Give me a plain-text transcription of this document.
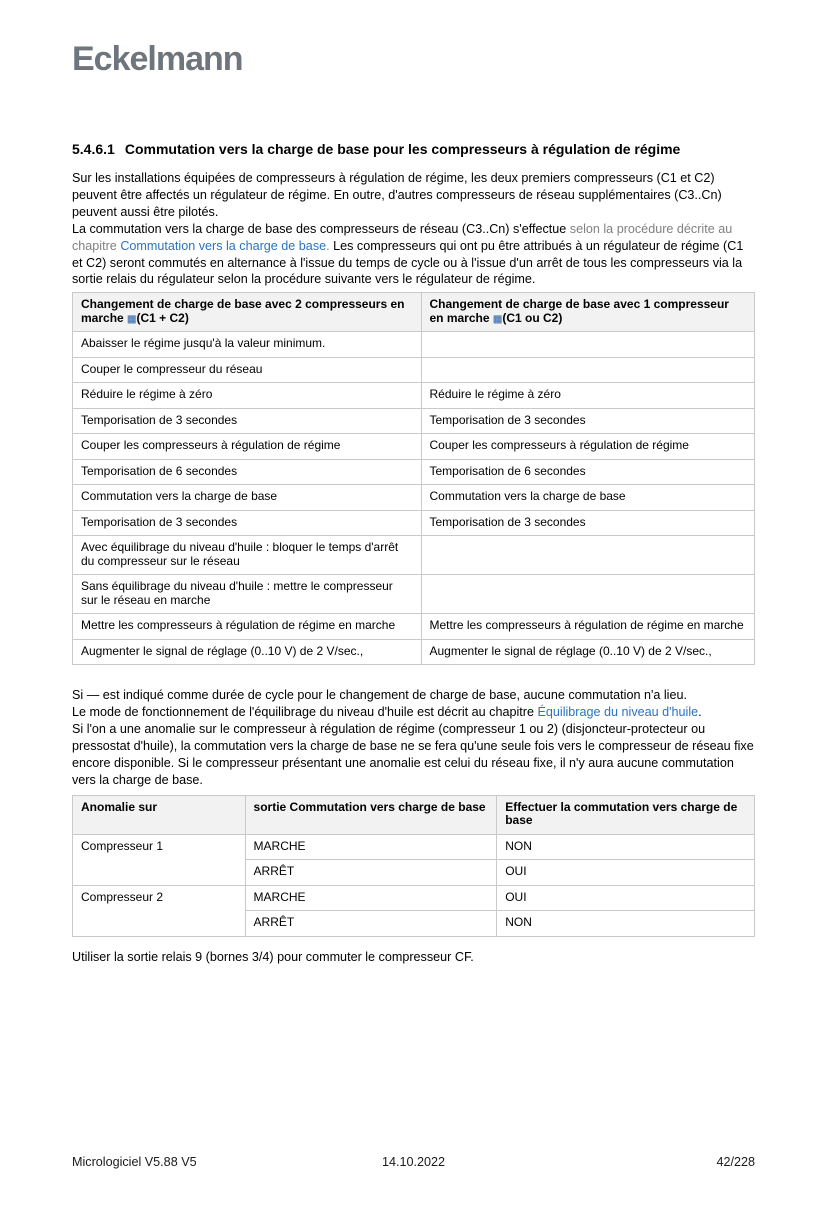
Eckelmann
5.4.6.1 Commutation vers la charge de base pour les compresseurs à régulation de régime
Sur les installations équipées de compresseurs à régulation de régime, les deux premiers compresseurs (C1 et C2) peuvent être affectés un régulateur de régime. En outre, d'autres compresseurs de réseau supplémentaires (C3..Cn) peuvent aussi être pilotés.
La commutation vers la charge de base des compresseurs de réseau (C3..Cn) s'effectue selon la procédure décrite au chapitre Commutation vers la charge de base. Les compresseurs qui ont pu être attribués à un régulateur de régime (C1 et C2) seront commutés en alternance à l'issue du temps de cycle ou à l'issue d'un arrêt de tous les compresseurs via la sortie relais du régulateur selon la procédure suivante vers le régulateur de régime.
Changement de charge de base avec 2 compresseurs en marche ▦(C1 + C2)	Changement de charge de base avec 1 compresseur en marche ▦(C1 ou C2)
Abaisser le régime jusqu'à la valeur minimum.	
Couper le compresseur du réseau	
Réduire le régime à zéro	Réduire le régime à zéro
Temporisation de 3 secondes	Temporisation de 3 secondes
Couper les compresseurs à régulation de régime	Couper les compresseurs à régulation de régime
Temporisation de 6 secondes	Temporisation de 6 secondes
Commutation vers la charge de base	Commutation vers la charge de base
Temporisation de 3 secondes	Temporisation de 3 secondes
Avec équilibrage du niveau d'huile : bloquer le temps d'arrêt du compresseur sur le réseau	
Sans équilibrage du niveau d'huile : mettre le compresseur sur le réseau en marche	
Mettre les compresseurs à régulation de régime en marche	Mettre les compresseurs à régulation de régime en marche
Augmenter le signal de réglage (0..10 V) de 2 V/sec.,	Augmenter le signal de réglage (0..10 V) de 2 V/sec.,
Si — est indiqué comme durée de cycle pour le changement de charge de base, aucune commutation n'a lieu.
Le mode de fonctionnement de l'équilibrage du niveau d'huile est décrit au chapitre Équilibrage du niveau d'huile.
Si l'on a une anomalie sur le compresseur à régulation de régime (compresseur 1 ou 2) (disjoncteur-protecteur ou pressostat d'huile), la commutation vers la charge de base ne se fera qu'une seule fois vers le compresseur de réseau fixe encore disponible. Si le compresseur présentant une anomalie est celui du réseau fixe, il n'y aura aucune commutation vers la charge de base.
Anomalie sur	sortie Commutation vers charge de base	Effectuer la commutation vers charge de base
Compresseur 1	MARCHE	NON
	ARRÊT	OUI
Compresseur 2	MARCHE	OUI
	ARRÊT	NON
Utiliser la sortie relais 9 (bornes 3/4) pour commuter le compresseur CF.
Micrologiciel V5.88 V5	14.10.2022	42/228
